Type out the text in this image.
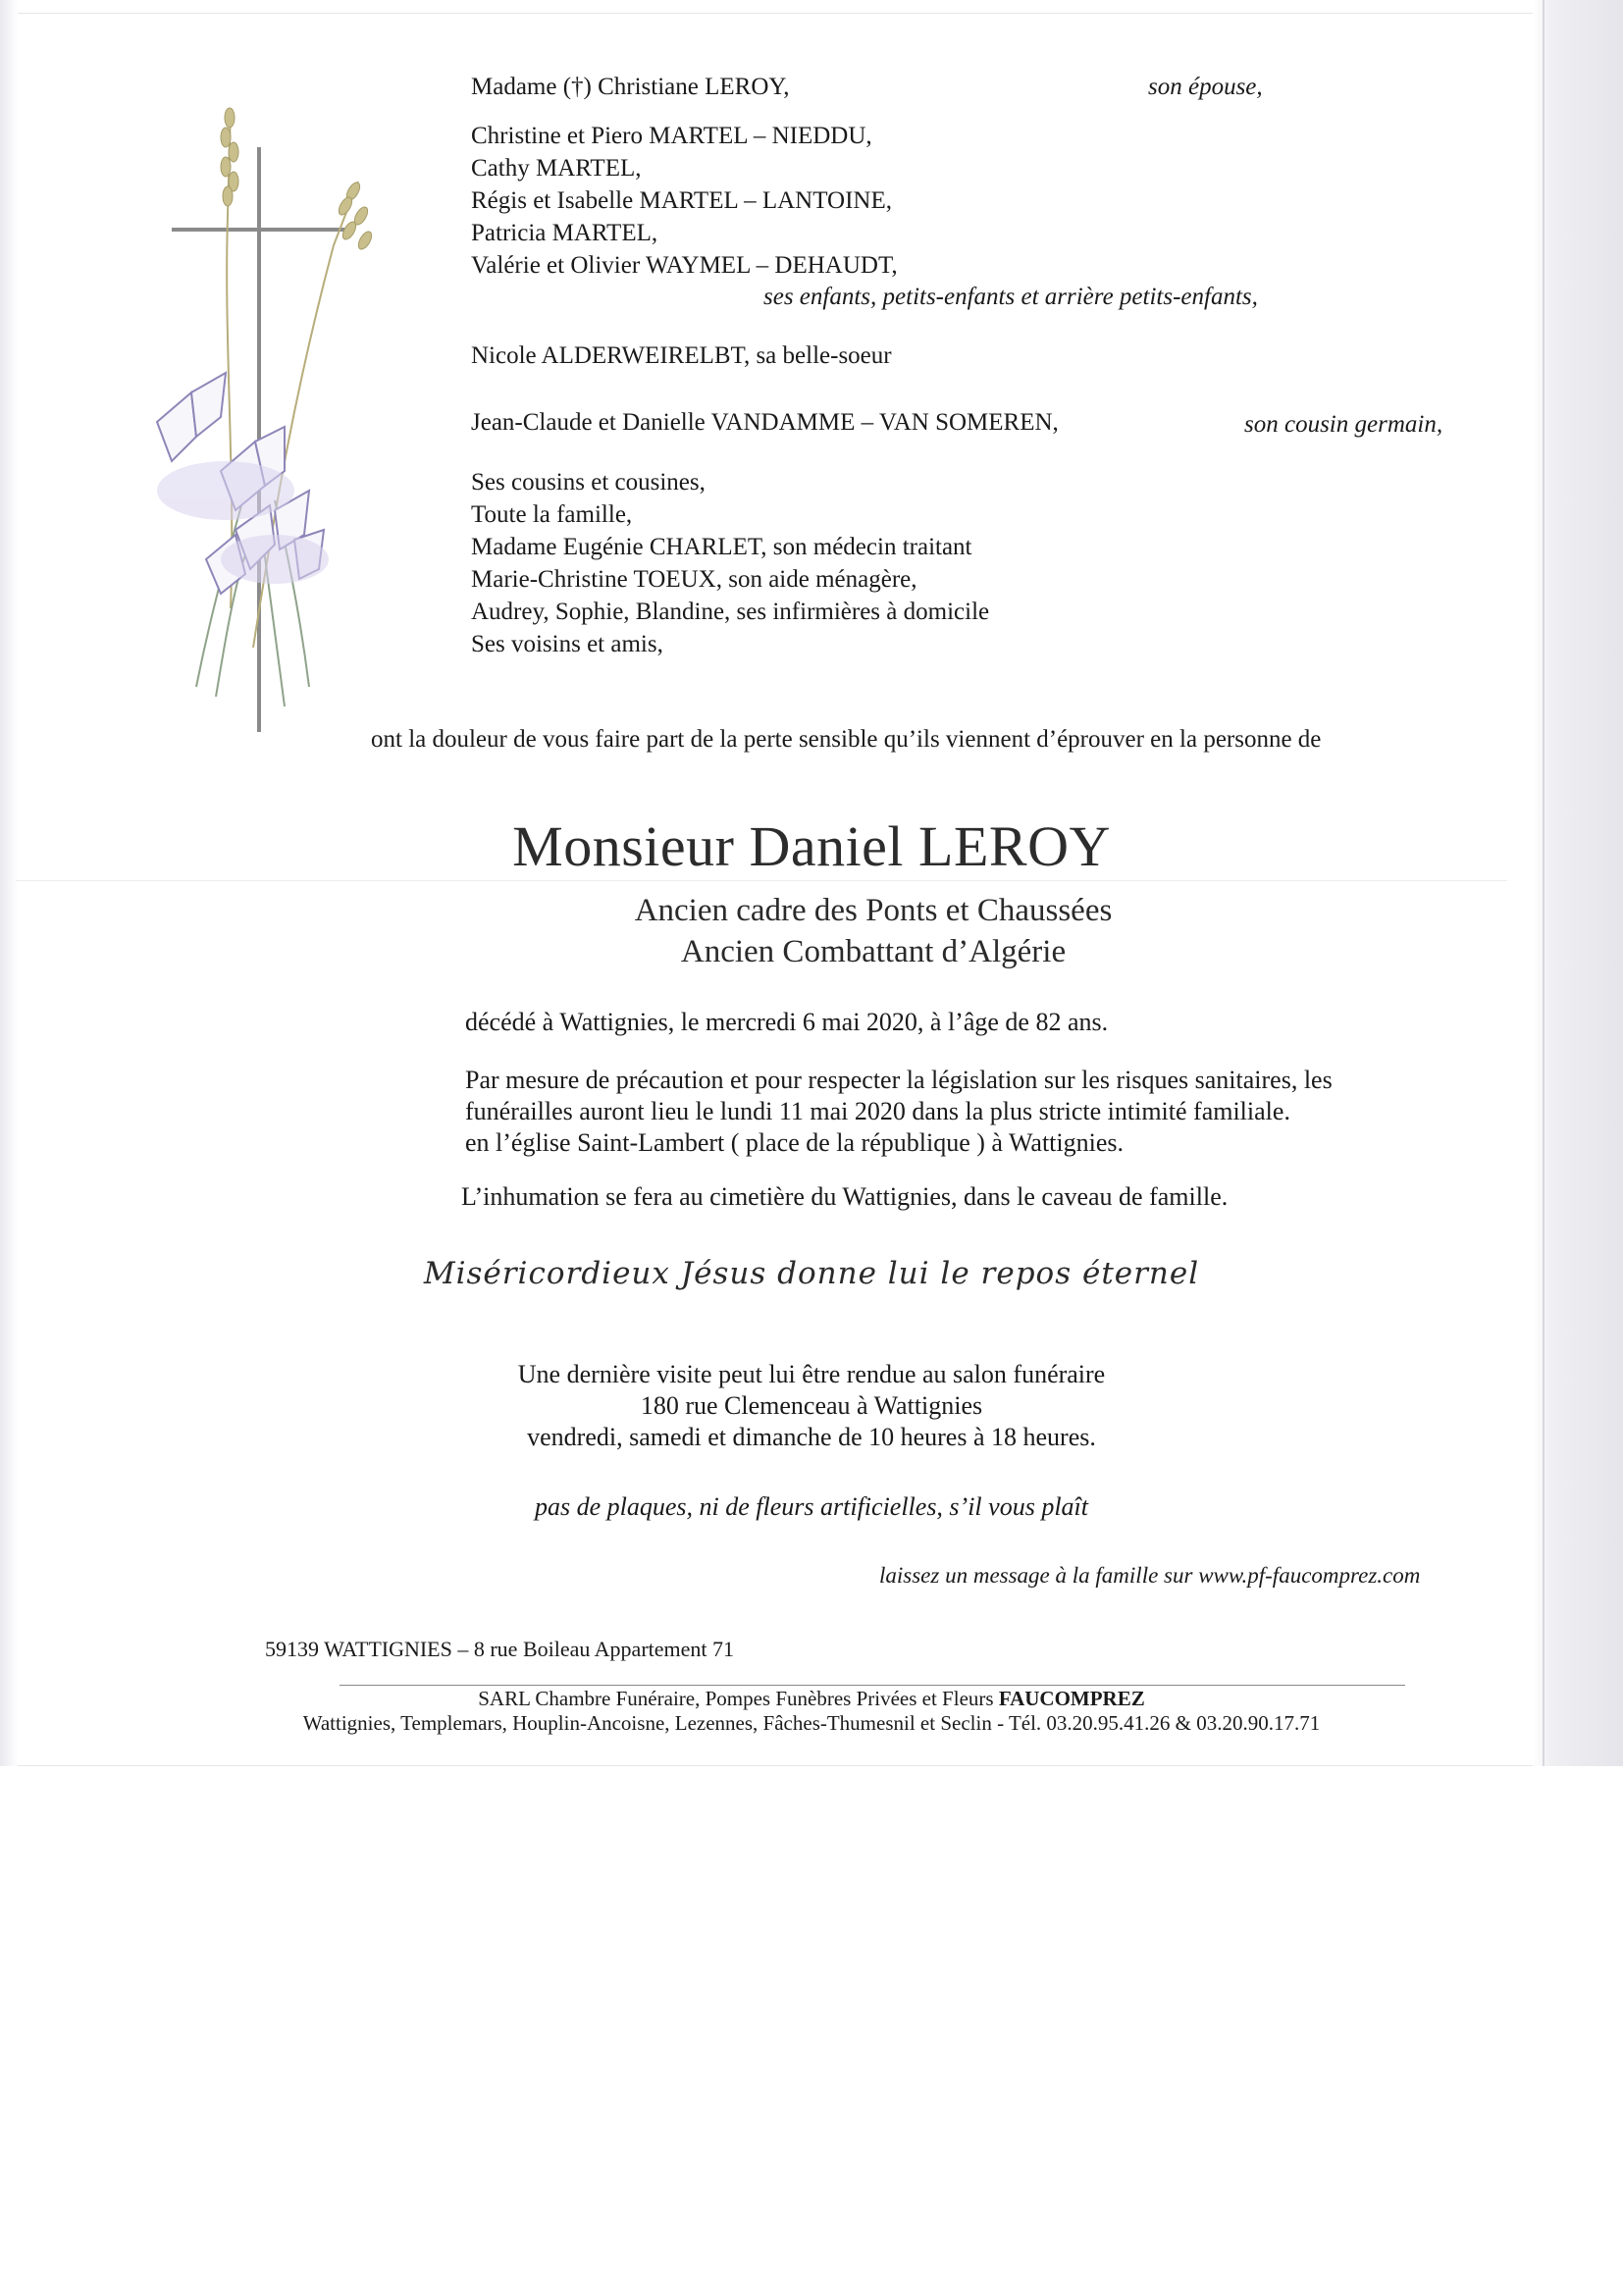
Madame (†) Christiane LEROY,	son épouse,
Christine et Piero MARTEL – NIEDDU,
Cathy MARTEL,
Régis et Isabelle MARTEL – LANTOINE,
Patricia MARTEL,
Valérie et Olivier WAYMEL – DEHAUDT,
ses enfants, petits-enfants et arrière petits-enfants,
Nicole ALDERWEIRELBT, sa belle-soeur
Jean-Claude et Danielle VANDAMME – VAN SOMEREN,	son cousin germain,
Ses cousins et cousines,
Toute la famille,
Madame Eugénie CHARLET, son médecin traitant
Marie-Christine TOEUX, son aide ménagère,
Audrey, Sophie, Blandine, ses infirmières à domicile
Ses voisins et amis,
ont la douleur de vous faire part de la perte sensible qu’ils viennent d’éprouver en la personne de
Monsieur Daniel LEROY
Ancien cadre des Ponts et Chaussées
Ancien Combattant d’Algérie
décédé à Wattignies, le mercredi 6 mai 2020, à l’âge de 82 ans.
Par mesure de précaution et pour respecter la législation sur les risques sanitaires, les
funérailles auront lieu le lundi 11 mai 2020 dans la plus stricte intimité familiale.
en l’église Saint-Lambert ( place de la république ) à Wattignies.
L’inhumation se fera au cimetière du Wattignies, dans le caveau de famille.
Miséricordieux Jésus donne lui le repos éternel
Une dernière visite peut lui être rendue au salon funéraire
180 rue Clemenceau à Wattignies
vendredi, samedi et dimanche de 10 heures à 18 heures.
pas de plaques, ni de fleurs artificielles, s’il vous plaît
laissez un message à la famille sur www.pf-faucomprez.com
59139 WATTIGNIES – 8 rue Boileau Appartement 71
SARL Chambre Funéraire, Pompes Funèbres Privées et Fleurs FAUCOMPREZ
Wattignies, Templemars, Houplin-Ancoisne, Lezennes, Fâches-Thumesnil et Seclin - Tél. 03.20.95.41.26 & 03.20.90.17.71
